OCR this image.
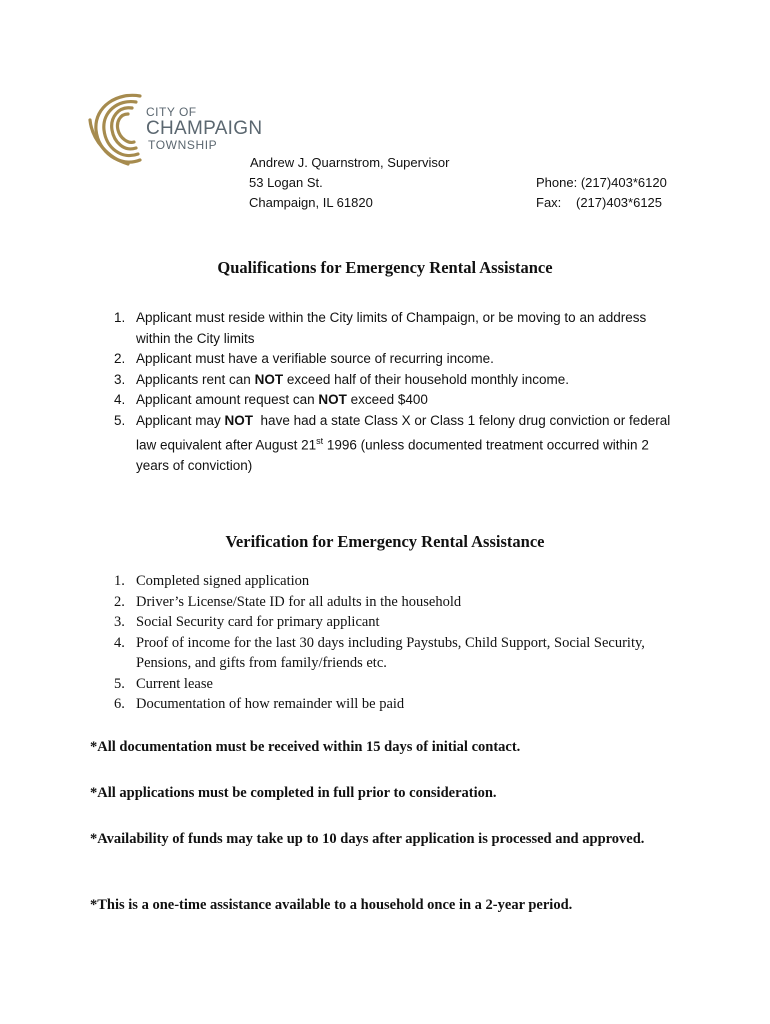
CITY OF
CHAMPAIGN
TOWNSHIP
Andrew J. Quarnstrom, Supervisor
53 Logan St.
Champaign, IL 61820
Phone: (217)403*6120
Fax: (217)403*6125
Qualifications for Emergency Rental Assistance
1. Applicant must reside within the City limits of Champaign, or be moving to an address within the City limits
2. Applicant must have a verifiable source of recurring income.
3. Applicants rent can NOT exceed half of their household monthly income.
4. Applicant amount request can NOT exceed $400
5. Applicant may NOT  have had a state Class X or Class 1 felony drug conviction or federal law equivalent after August 21st 1996 (unless documented treatment occurred within 2 years of conviction)
Verification for Emergency Rental Assistance
1. Completed signed application
2. Driver’s License/State ID for all adults in the household
3. Social Security card for primary applicant
4. Proof of income for the last 30 days including Paystubs, Child Support, Social Security, Pensions, and gifts from family/friends etc.
5. Current lease
6. Documentation of how remainder will be paid
*All documentation must be received within 15 days of initial contact.
*All applications must be completed in full prior to consideration.
*Availability of funds may take up to 10 days after application is processed and approved.
*This is a one-time assistance available to a household once in a 2-year period.
